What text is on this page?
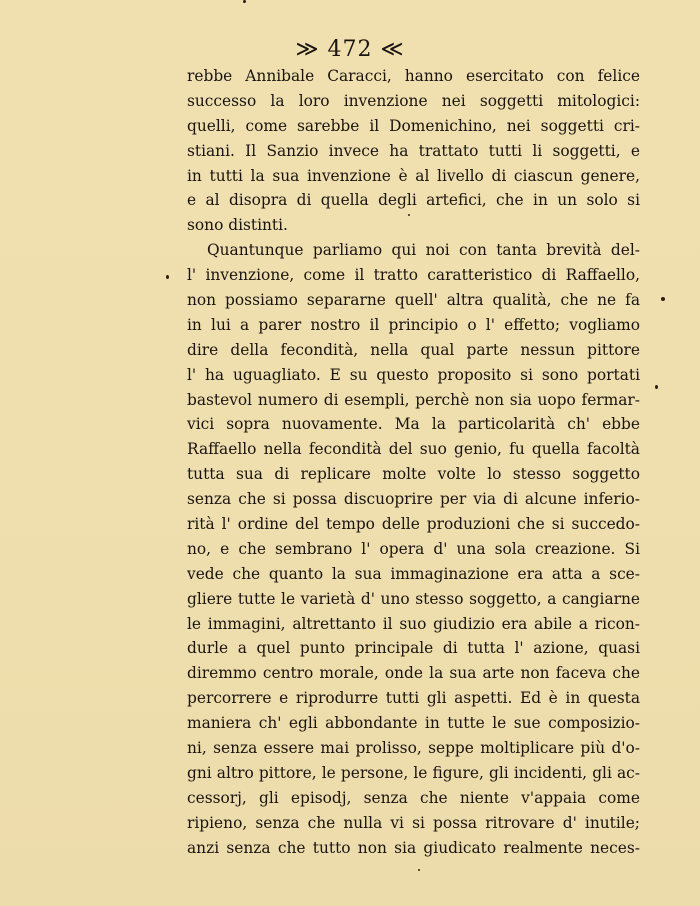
≫ 472 ≪
rebbe Annibale Caracci, hanno esercitato con felice
successo la loro invenzione nei soggetti mitologici:
quelli, come sarebbe il Domenichino, nei soggetti cri-
stiani. Il Sanzio invece ha trattato tutti li soggetti, e
in tutti la sua invenzione è al livello di ciascun genere,
e al disopra di quella degli artefici, che in un solo si
sono distinti.
Quantunque parliamo qui noi con tanta brevità del-
l' invenzione, come il tratto caratteristico di Raffaello,
non possiamo separarne quell' altra qualità, che ne fa
in lui a parer nostro il principio o l' effetto; vogliamo
dire della fecondità, nella qual parte nessun pittore
l' ha uguagliato. E su questo proposito si sono portati
bastevol numero di esempli, perchè non sia uopo fermar-
vici sopra nuovamente. Ma la particolarità ch' ebbe
Raffaello nella fecondità del suo genio, fu quella facoltà
tutta sua di replicare molte volte lo stesso soggetto
senza che si possa discuoprire per via di alcune inferio-
rità l' ordine del tempo delle produzioni che si succedo-
no, e che sembrano l' opera d' una sola creazione. Si
vede che quanto la sua immaginazione era atta a sce-
gliere tutte le varietà d' uno stesso soggetto, a cangiarne
le immagini, altrettanto il suo giudizio era abile a ricon-
durle a quel punto principale di tutta l' azione, quasi
diremmo centro morale, onde la sua arte non faceva che
percorrere e riprodurre tutti gli aspetti. Ed è in questa
maniera ch' egli abbondante in tutte le sue composizio-
ni, senza essere mai prolisso, seppe moltiplicare più d'o-
gni altro pittore, le persone, le figure, gli incidenti, gli ac-
cessorj, gli episodj, senza che niente v'appaia come
ripieno, senza che nulla vi si possa ritrovare d' inutile;
anzi senza che tutto non sia giudicato realmente neces-
